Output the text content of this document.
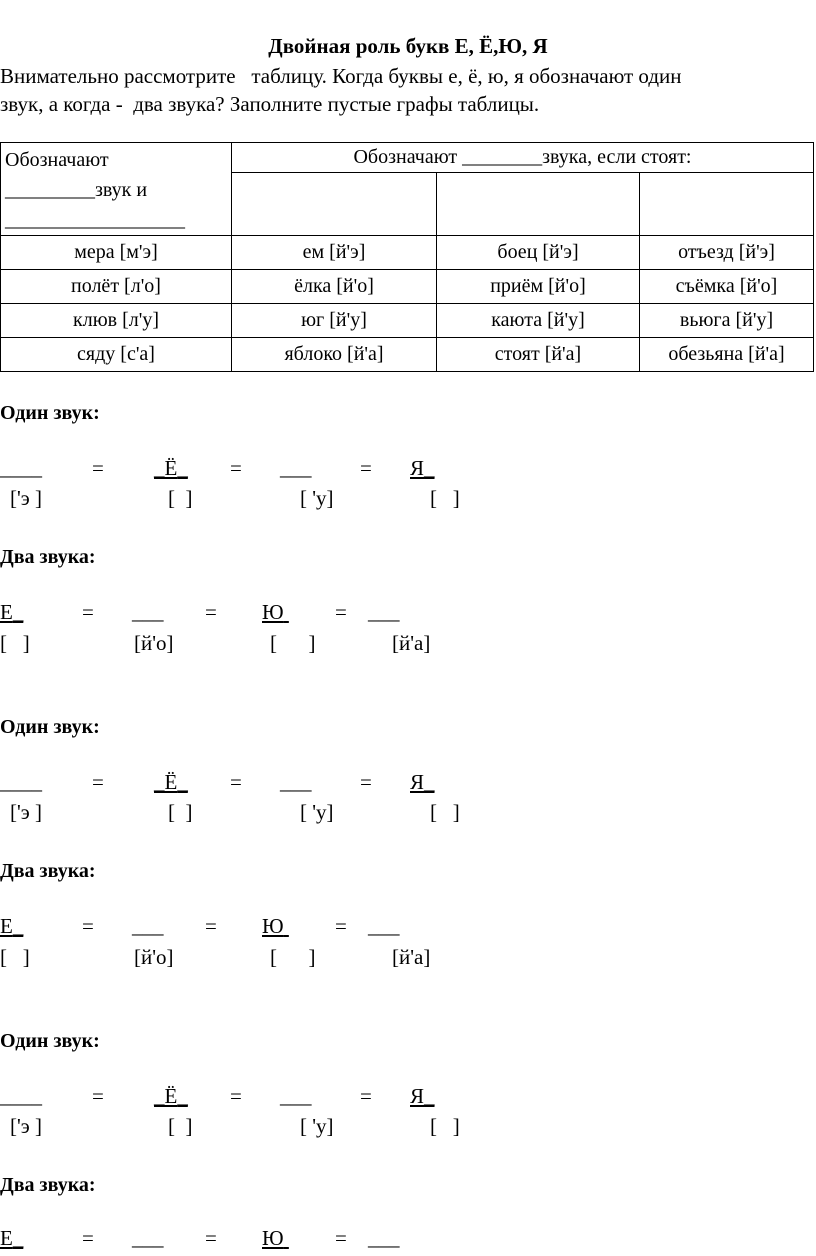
Двойная роль букв Е, Ё,Ю, Я
Внимательно рассмотрите   таблицу. Когда буквы е, ё, ю, я обозначают один
звук, а когда -  два звука? Заполните пустые графы таблицы.
Обозначают
_________звук и
__________________	Обозначают ________звука, если стоят:		

мера [м'э]	ем [й'э]	боец [й'э]	отъезд [й'э]
полёт [л'о]	ёлка [й'о]	приём [й'о]	съёмка [й'о]
клюв [л'у]	юг [й'у]	каюта [й'у]	вьюга [й'у]
сяду [с'а]	яблоко [й'а]	стоят [й'а]	обезьяна [й'а]
Один звук:
____ = _Ё_ = ___ = Я_
['э ]	[  ]	[ 'у]	[   ]
Два звука:
Е_	= ___ = Ю = ___
[   ]	[й'о]	[      ]	[й'а]
Один звук:
____ = _Ё_ = ___ = Я_
['э ]	[  ]	[ 'у]	[   ]
Два звука:
Е_	= ___ = Ю = ___
[   ]	[й'о]	[      ]	[й'а]
Один звук:
____ = _Ё_ = ___ = Я_
['э ]	[  ]	[ 'у]	[   ]
Два звука:
Е_	= ___ = Ю = ___
